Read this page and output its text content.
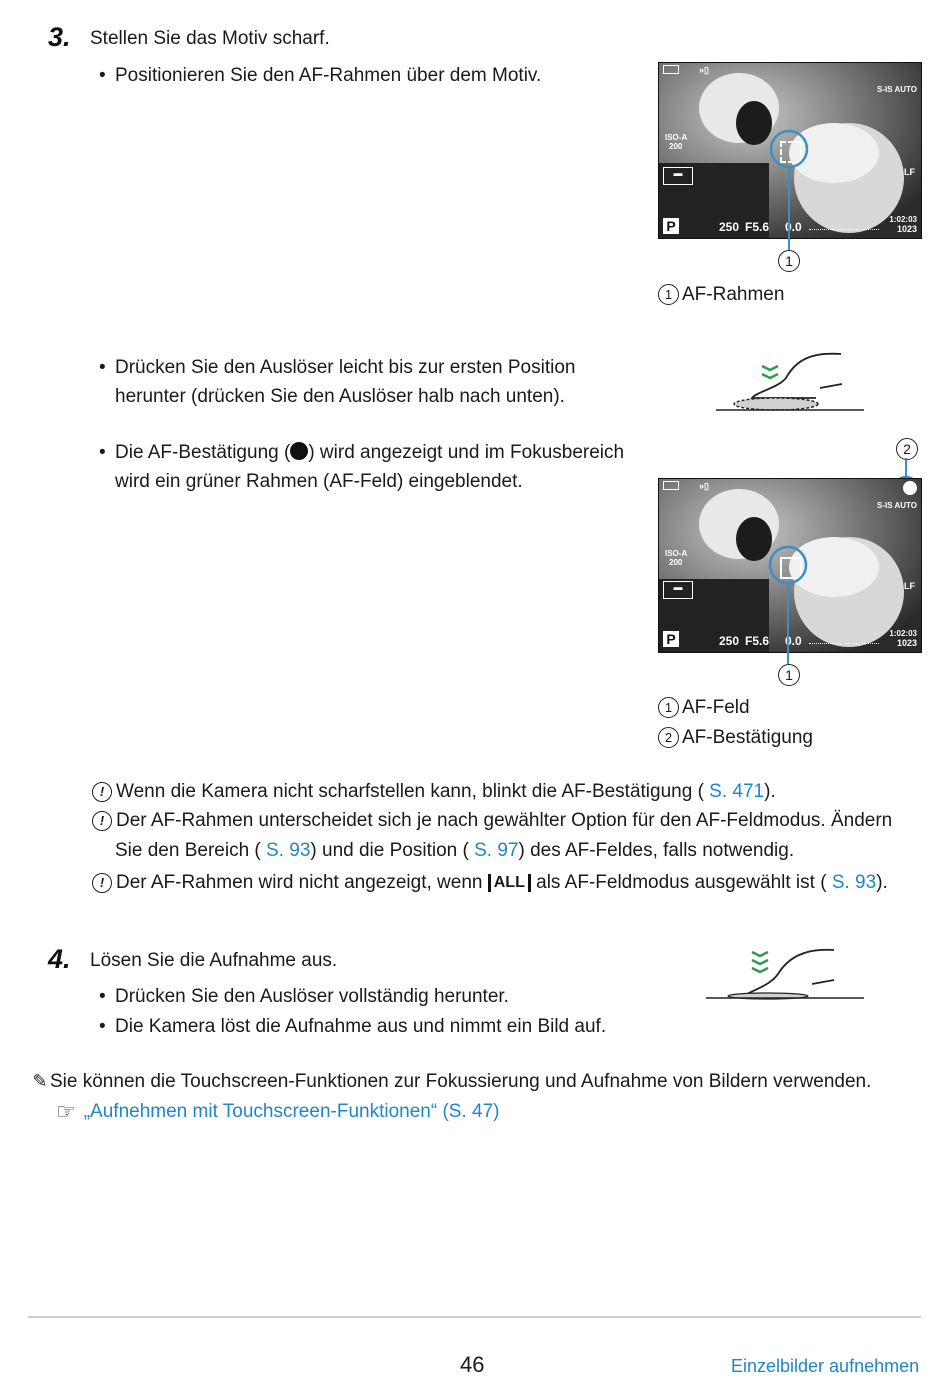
3. Stellen Sie das Motiv scharf.
• Positionieren Sie den AF-Rahmen über dem Motiv.	»▯
S-IS AUTO
ISO-A
200
▬	LF
1:02:03
P	250 F5.6 0.0	1023
1
1 AF-Rahmen
• Drücken Sie den Auslöser leicht bis zur ersten Position
herunter (drücken Sie den Auslöser halb nach unten).
• Die AF-Bestätigung ( ) wird angezeigt und im Fokusbereich
wird ein grüner Rahmen (AF-Feld) eingeblendet.
2
»▯
S-IS AUTO
ISO-A
200
▬	LF
1:02:03
P	250 F5.6 0.0	1023
1
1 AF-Feld
2 AF-Bestätigung
! Wenn die Kamera nicht scharfstellen kann, blinkt die AF-Bestätigung ( S. 471).
! Der AF-Rahmen unterscheidet sich je nach gewählter Option für den AF-Feldmodus. Ändern
Sie den Bereich ( S. 93) und die Position ( S. 97) des AF-Feldes, falls notwendig.
! Der AF-Rahmen wird nicht angezeigt, wenn ALL als AF-Feldmodus ausgewählt ist ( S. 93).
4. Lösen Sie die Aufnahme aus.
• Drücken Sie den Auslöser vollständig herunter.
• Die Kamera löst die Aufnahme aus und nimmt ein Bild auf.
✎ Sie können die Touchscreen-Funktionen zur Fokussierung und Aufnahme von Bildern verwenden.
☞ „Aufnehmen mit Touchscreen-Funktionen“ (S. 47)
46	Einzelbilder aufnehmen
